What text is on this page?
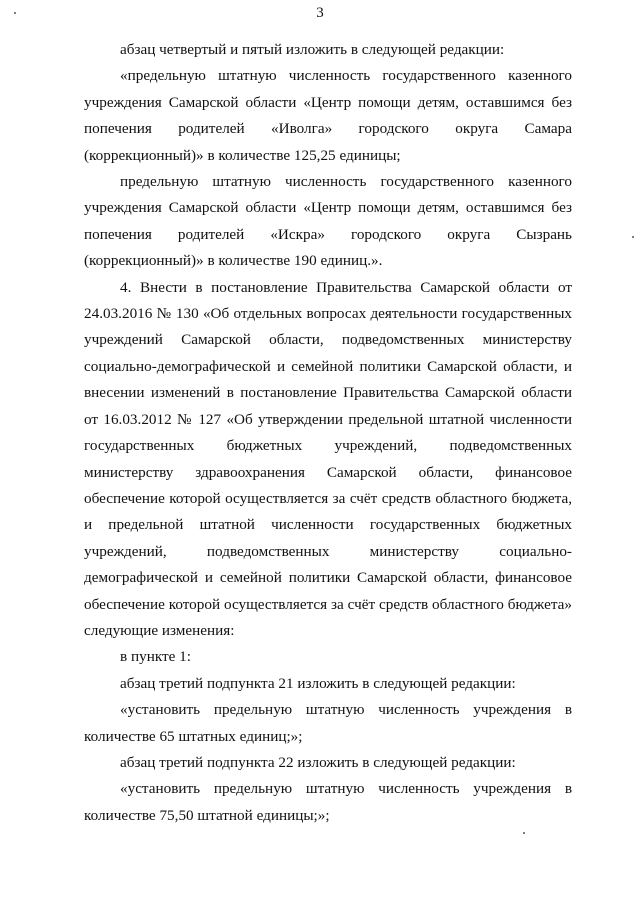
3

абзац четвертый и пятый изложить в следующей редакции:

«предельную штатную численность государственного казенного учреждения Самарской области «Центр помощи детям, оставшимся без попечения родителей «Иволга» городского округа Самара (коррекционный)» в количестве 125,25 единицы;

предельную штатную численность государственного казенного учреждения Самарской области «Центр помощи детям, оставшимся без попечения родителей «Искра» городского округа Сызрань (коррекционный)» в количестве 190 единиц.».

4. Внести в постановление Правительства Самарской области от 24.03.2016 № 130 «Об отдельных вопросах деятельности государственных учреждений Самарской области, подведомственных министерству социально-демографической и семейной политики Самарской области, и внесении изменений в постановление Правительства Самарской области от 16.03.2012 № 127 «Об утверждении предельной штатной численности государственных бюджетных учреждений, подведомственных министерству здравоохранения Самарской области, финансовое обеспечение которой осуществляется за счёт средств областного бюджета, и предельной штатной численности государственных бюджетных учреждений, подведомственных министерству социально-демографической и семейной политики Самарской области, финансовое обеспечение которой осуществляется за счёт средств областного бюджета» следующие изменения:

в пункте 1:

абзац третий подпункта 21 изложить в следующей редакции:

«установить предельную штатную численность учреждения в количестве 65 штатных единиц;»;

абзац третий подпункта 22 изложить в следующей редакции:

«установить предельную штатную численность учреждения в количестве 75,50 штатной единицы;»;
